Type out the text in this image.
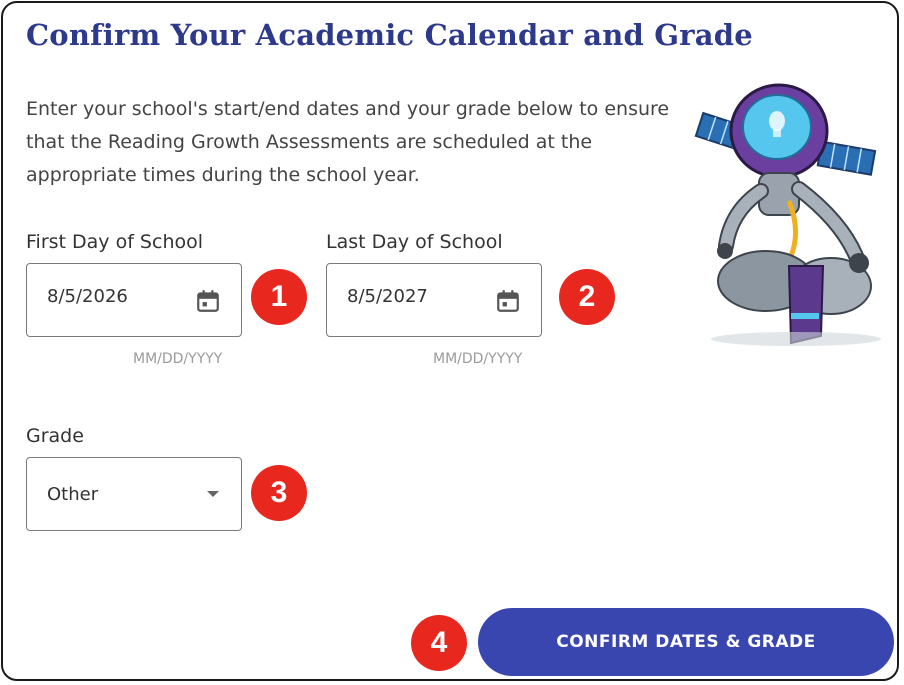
Confirm Your Academic Calendar and Grade

Enter your school's start/end dates and your grade below to ensure that the Reading Growth Assessments are scheduled at the appropriate times during the school year.

First Day of School
8/5/2026
MM/DD/YYYY
1
Last Day of School
8/5/2027
MM/DD/YYYY
2
Grade
Other	3
4	CONFIRM DATES & GRADE
